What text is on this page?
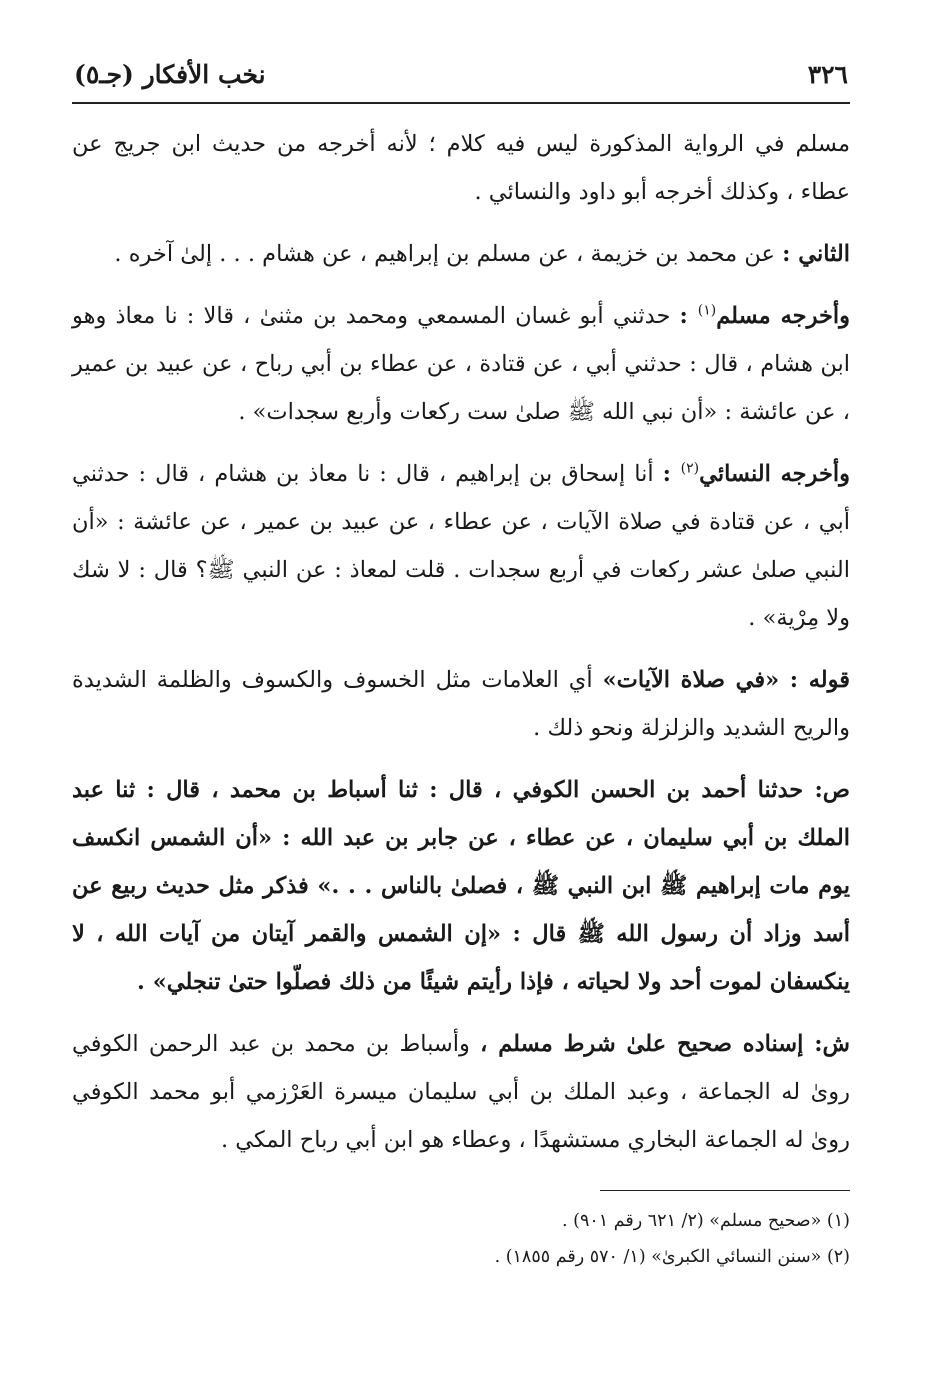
٣٢٦
نخب الأفكار (جـ٥)

مسلم في الرواية المذكورة ليس فيه كلام ؛ لأنه أخرجه من حديث ابن جريج عن عطاء ، وكذلك أخرجه أبو داود والنسائي .

الثاني : عن محمد بن خزيمة ، عن مسلم بن إبراهيم ، عن هشام . . . إلىٰ آخره .

وأخرجه مسلم$^{(١)}$ : حدثني أبو غسان المسمعي ومحمد بن مثنىٰ ، قالا : نا معاذ وهو ابن هشام ، قال : حدثني أبي ، عن قتادة ، عن عطاء بن أبي رباح ، عن عبيد بن عمير ، عن عائشة : «أن نبي الله ﷺ صلىٰ ست ركعات وأربع سجدات» .

وأخرجه النسائي$^{(٢)}$ : أنا إسحاق بن إبراهيم ، قال : نا معاذ بن هشام ، قال : حدثني أبي ، عن قتادة في صلاة الآيات ، عن عطاء ، عن عبيد بن عمير ، عن عائشة : «أن النبي صلىٰ عشر ركعات في أربع سجدات . قلت لمعاذ : عن النبي ﷺ؟ قال : لا شك ولا مِرْية» .

قوله : «في صلاة الآيات» أي العلامات مثل الخسوف والكسوف والظلمة الشديدة والريح الشديد والزلزلة ونحو ذلك .

ص: حدثنا أحمد بن الحسن الكوفي ، قال : ثنا أسباط بن محمد ، قال : ثنا عبد الملك بن أبي سليمان ، عن عطاء ، عن جابر بن عبد الله : «أن الشمس انكسف يوم مات إبراهيم ﷺ ابن النبي ﷺ ، فصلىٰ بالناس . . .» فذكر مثل حديث ربيع عن أسد وزاد أن رسول الله ﷺ قال : «إن الشمس والقمر آيتان من آيات الله ، لا ينكسفان لموت أحد ولا لحياته ، فإذا رأيتم شيئًا من ذلك فصلّوا حتىٰ تنجلي» .

ش: إسناده صحيح علىٰ شرط مسلم ، وأسباط بن محمد بن عبد الرحمن الكوفي روىٰ له الجماعة ، وعبد الملك بن أبي سليمان ميسرة العَرْزمي أبو محمد الكوفي روىٰ له الجماعة البخاري مستشهدًا ، وعطاء هو ابن أبي رباح المكي .

(١) «صحيح مسلم» (٢/ ٦٢١ رقم ٩٠١) .
(٢) «سنن النسائي الكبرىٰ» (١/ ٥٧٠ رقم ١٨٥٥) .
